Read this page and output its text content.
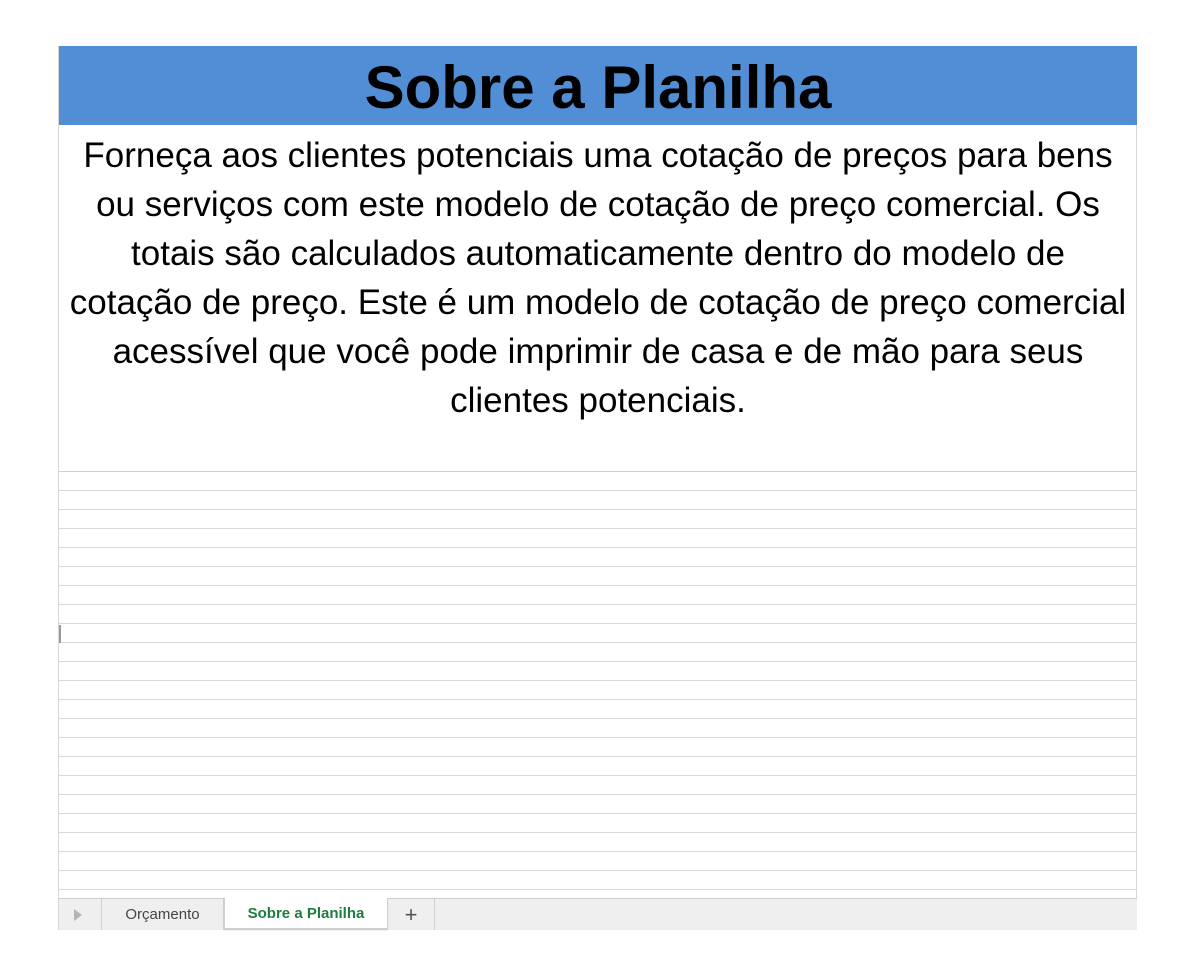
Sobre a Planilha
Forneça aos clientes potenciais uma cotação de preços para bens ou serviços com este modelo de cotação de preço comercial. Os totais são calculados automaticamente dentro do modelo de cotação de preço. Este é um modelo de cotação de preço comercial acessível que você pode imprimir de casa e de mão para seus clientes potenciais.
Orçamento	Sobre a Planilha +
